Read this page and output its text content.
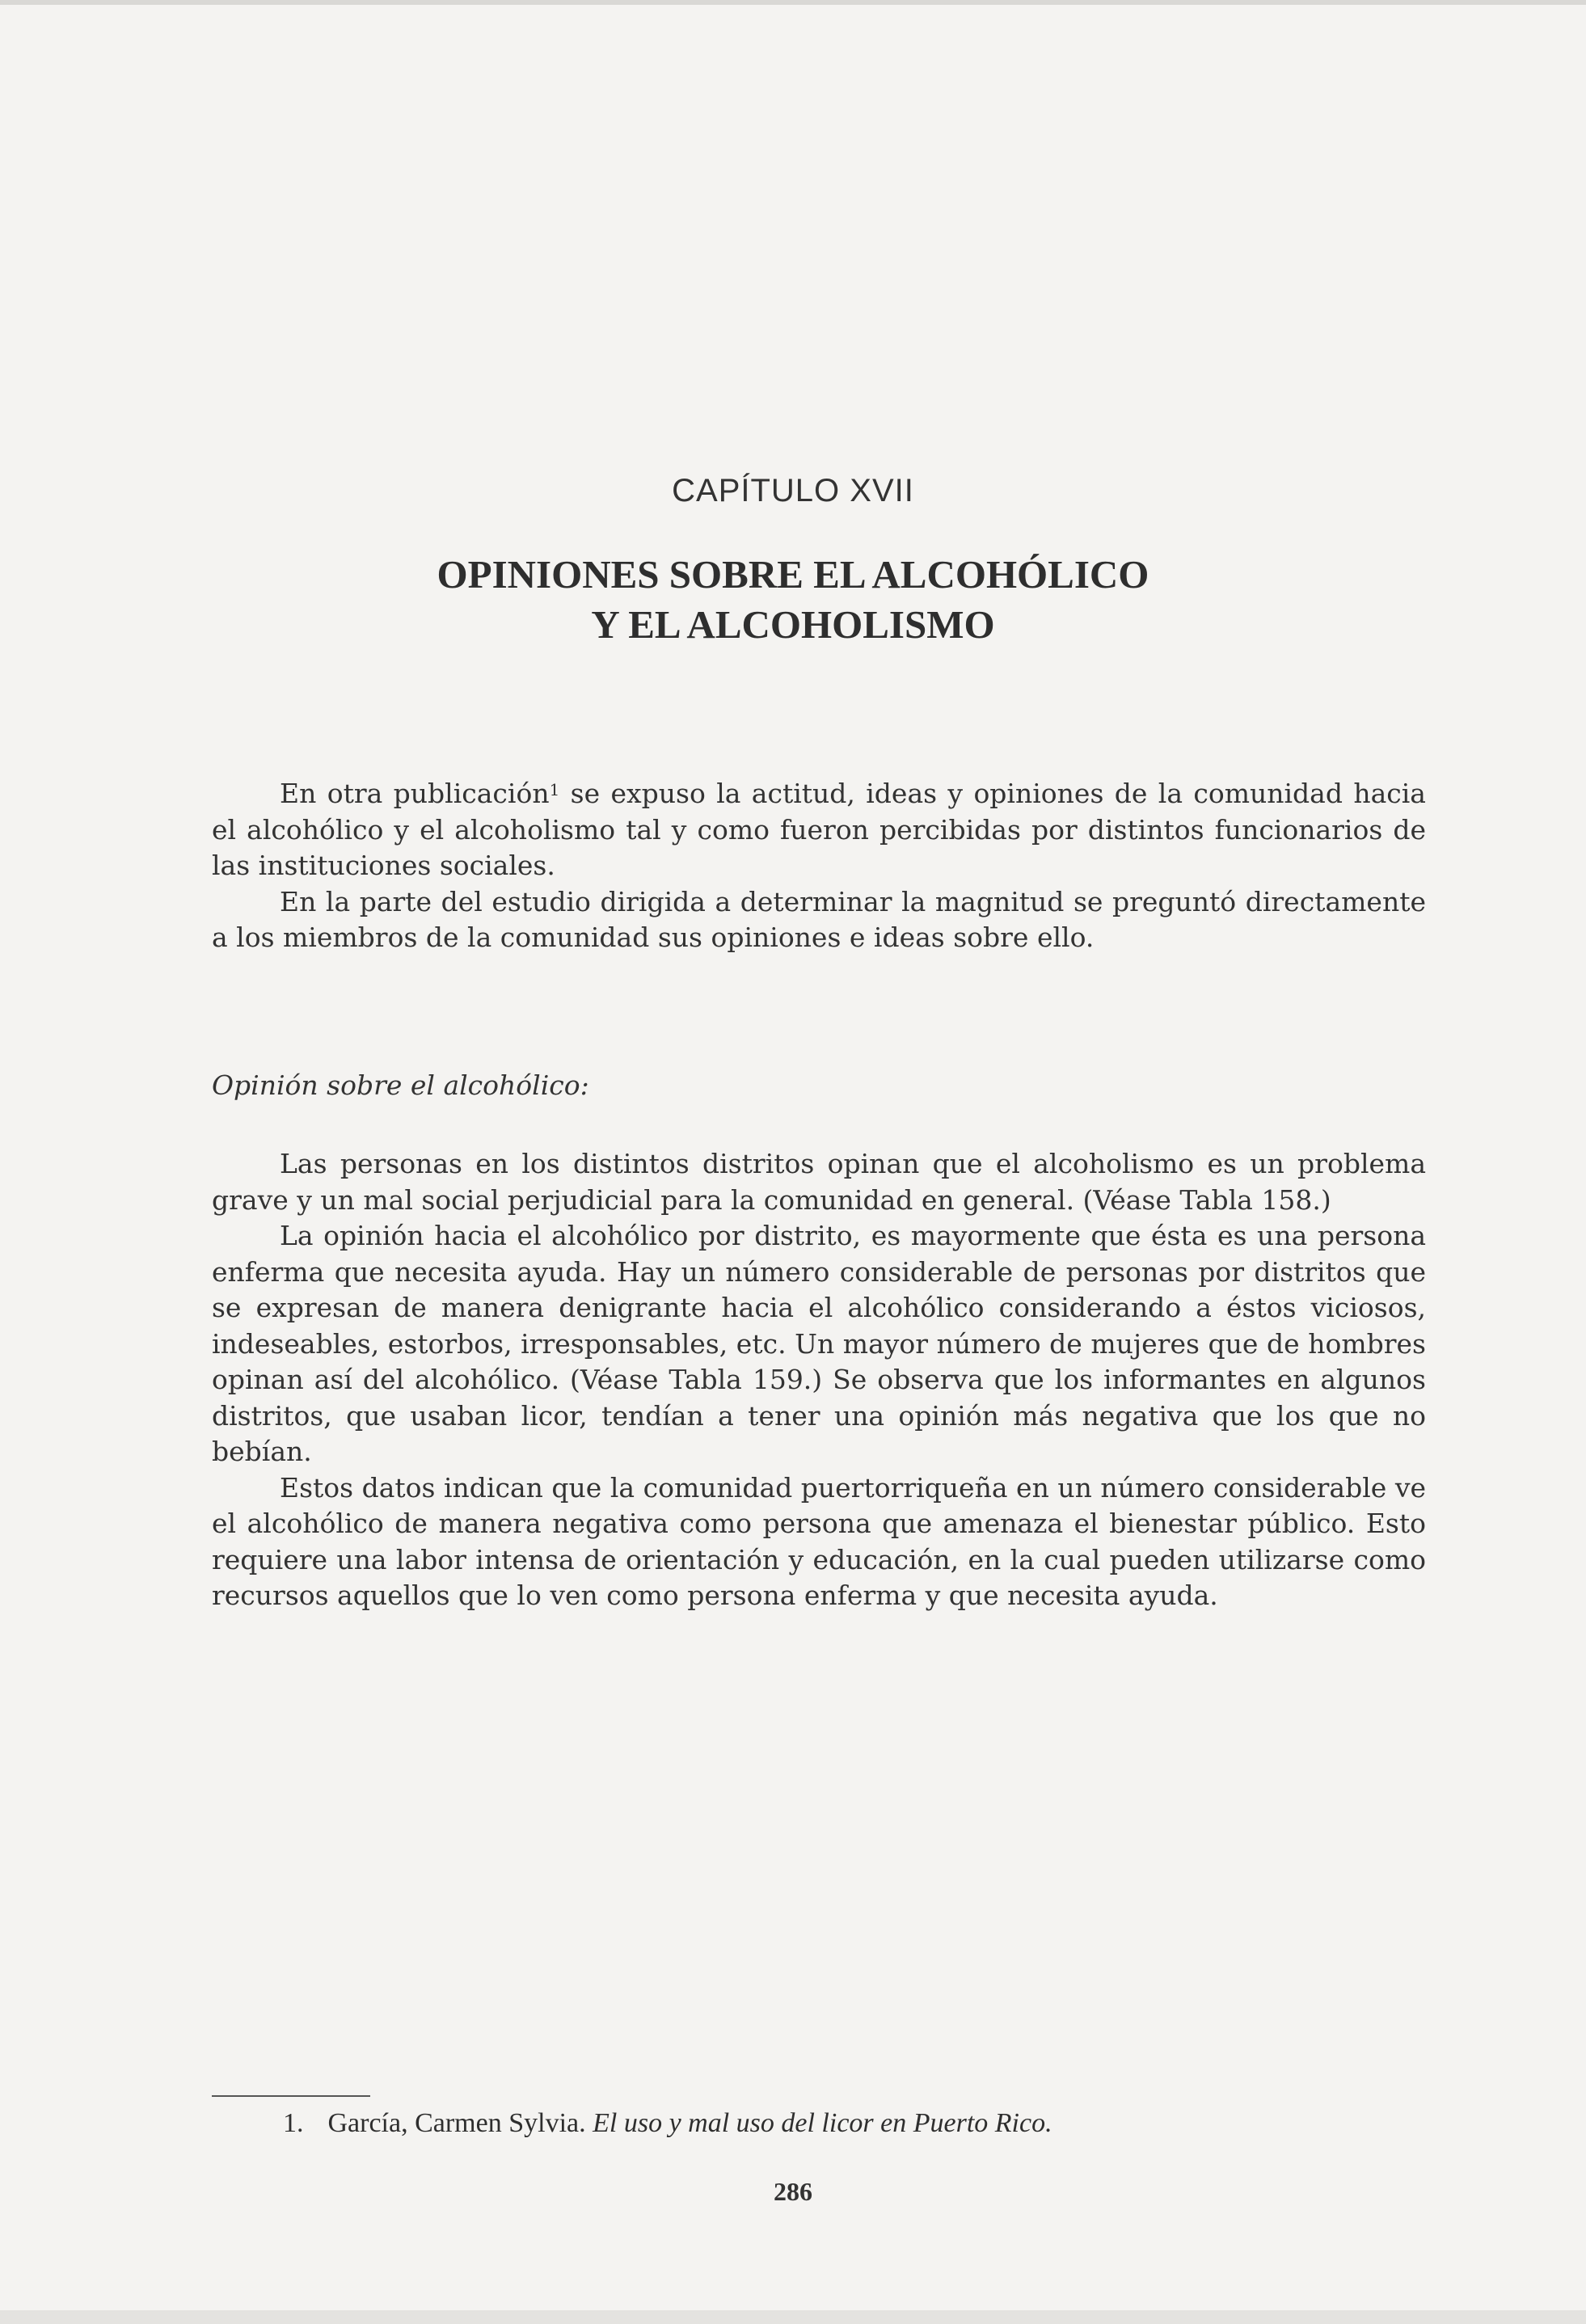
CAPÍTULO XVII
OPINIONES SOBRE EL ALCOHÓLICO
Y EL ALCOHOLISMO

En otra publicación$^1$ se expuso la actitud, ideas y opiniones de la comunidad hacia el alcohólico y el alcoholismo tal y como fueron percibidas por distintos funcionarios de las instituciones sociales.

En la parte del estudio dirigida a determinar la magnitud se preguntó directamente a los miembros de la comunidad sus opiniones e ideas sobre ello.

Opinión sobre el alcohólico:

Las personas en los distintos distritos opinan que el alcoholismo es un problema grave y un mal social perjudicial para la comunidad en general. (Véase Tabla 158.)

La opinión hacia el alcohólico por distrito, es mayormente que ésta es una persona enferma que necesita ayuda. Hay un número considerable de personas por distritos que se expresan de manera denigrante hacia el alcohólico considerando a éstos viciosos, indeseables, estorbos, irresponsables, etc. Un mayor número de mujeres que de hombres opinan así del alcohólico. (Véase Tabla 159.) Se observa que los informantes en algunos distritos, que usaban licor, tendían a tener una opinión más negativa que los que no bebían.

Estos datos indican que la comunidad puertorriqueña en un número considerable ve el alcohólico de manera negativa como persona que amenaza el bienestar público. Esto requiere una labor intensa de orientación y educación, en la cual pueden utilizarse como recursos aquellos que lo ven como persona enferma y que necesita ayuda.

1. García, Carmen Sylvia. El uso y mal uso del licor en Puerto Rico.
286
